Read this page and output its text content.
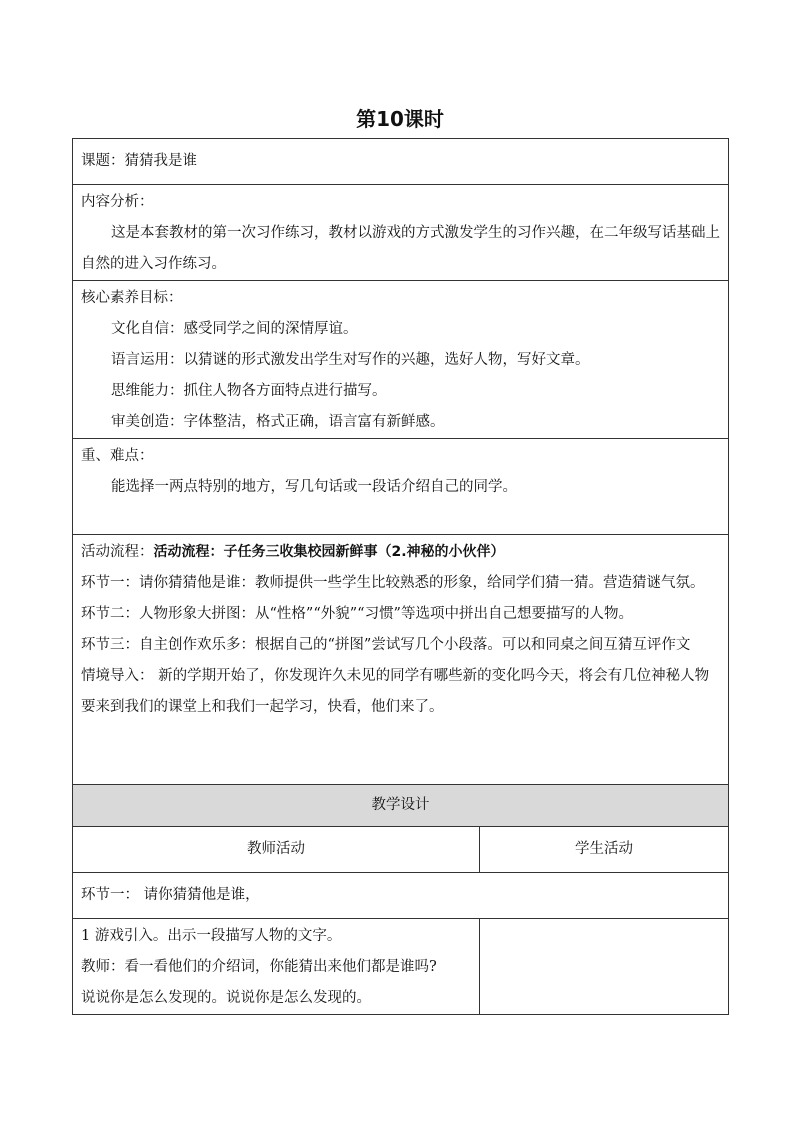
第10课时
课题：猜猜我是谁	

内容分析：

这是本套教材的第一次习作练习，教材以游戏的方式激发学生的习作兴趣，在二年级写话基础上自然的进入习作练习。	

核心素养目标：

文化自信：感受同学之间的深情厚谊。

语言运用：以猜谜的形式激发出学生对写作的兴趣，选好人物，写好文章。

思维能力：抓住人物各方面特点进行描写。

审美创造：字体整洁，格式正确，语言富有新鲜感。	

重、难点：

能选择一两点特别的地方，写几句话或一段话介绍自己的同学。	

活动流程：活动流程：子任务三收集校园新鲜事（2.神秘的小伙伴）

环节一：请你猜猜他是谁：教师提供一些学生比较熟悉的形象，给同学们猜一猜。营造猜谜气氛。

环节二：人物形象大拼图：从“性格”“外貌”“习惯”等选项中拼出自己想要描写的人物。

环节三：自主创作欢乐多：根据自己的“拼图”尝试写几个小段落。可以和同桌之间互猜互评作文

情境导入： 新的学期开始了，你发现许久未见的同学有哪些新的变化吗今天，将会有几位神秘人物要来到我们的课堂上和我们一起学习，快看，他们来了。	

教学设计	
教师活动	学生活动
环节一： 请你猜猜他是谁，	

1 游戏引入。出示一段描写人物的文字。

教师：看一看他们的介绍词，你能猜出来他们都是谁吗?

说说你是怎么发现的。说说你是怎么发现的。	
